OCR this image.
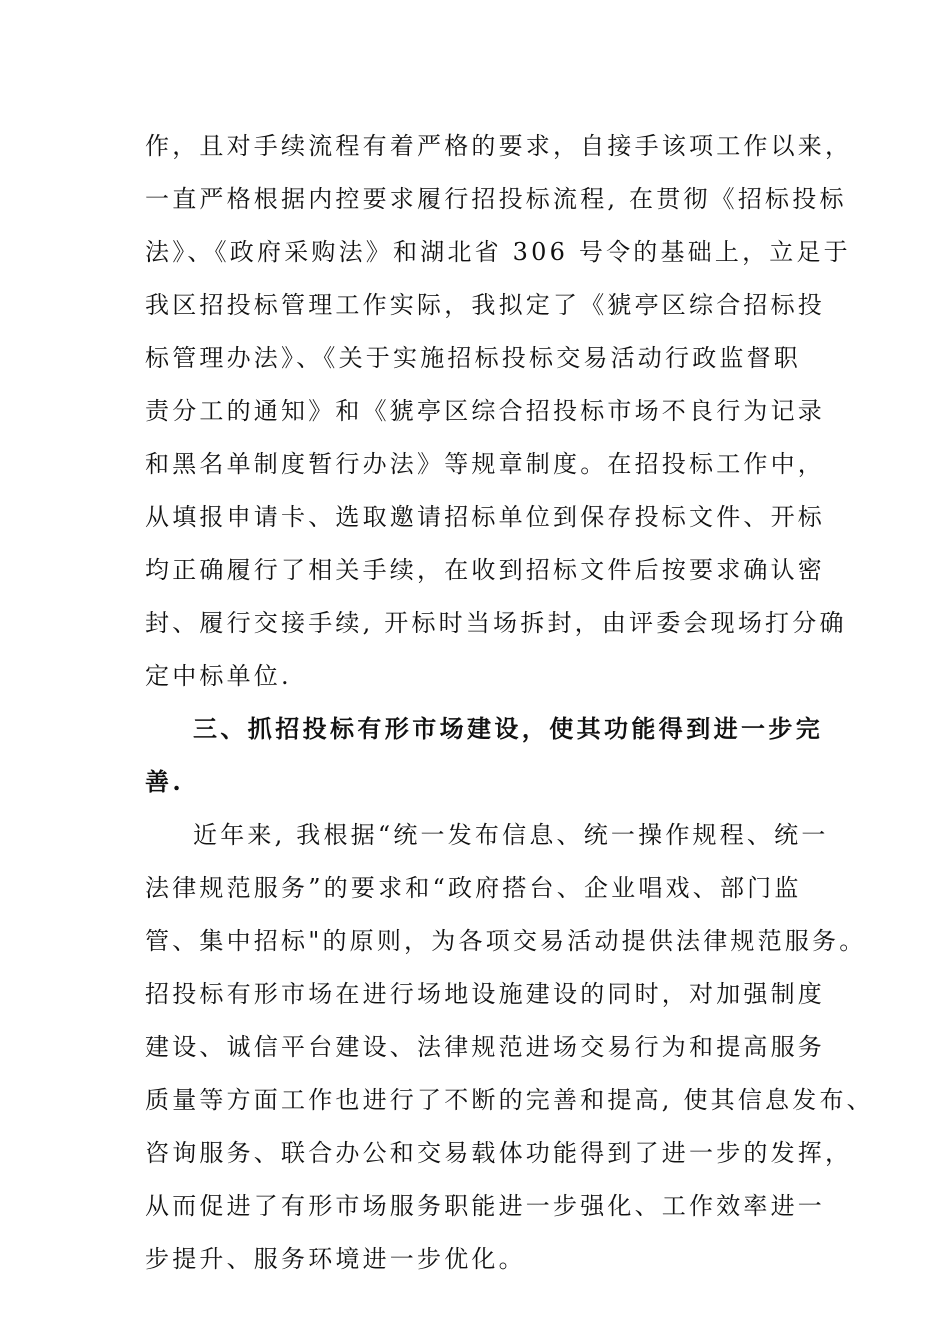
作，且对手续流程有着严格的要求，自接手该项工作以来，
一直严格根据内控要求履行招投标流程, 在贯彻《招标投标
法》、《政府采购法》和湖北省 306 号令的基础上，立足于
我区招投标管理工作实际，我拟定了《猇亭区综合招标投
标管理办法》、《关于实施招标投标交易活动行政监督职
责分工的通知》和《猇亭区综合招投标市场不良行为记录
和黑名单制度暂行办法》等规章制度。在招投标工作中，
从填报申请卡、选取邀请招标单位到保存投标文件、开标
均正确履行了相关手续，在收到招标文件后按要求确认密
封、履行交接手续, 开标时当场拆封，由评委会现场打分确
定中标单位.
三、抓招投标有形市场建设，使其功能得到进一步完
善.
近年来, 我根据“统一发布信息、统一操作规程、统一
法律规范服务”的要求和“政府搭台、企业唱戏、部门监
管、集中招标"的原则，为各项交易活动提供法律规范服务。
招投标有形市场在进行场地设施建设的同时，对加强制度
建设、诚信平台建设、法律规范进场交易行为和提高服务
质量等方面工作也进行了不断的完善和提高, 使其信息发布、
咨询服务、联合办公和交易载体功能得到了进一步的发挥，
从而促进了有形市场服务职能进一步强化、工作效率进一
步提升、服务环境进一步优化。
